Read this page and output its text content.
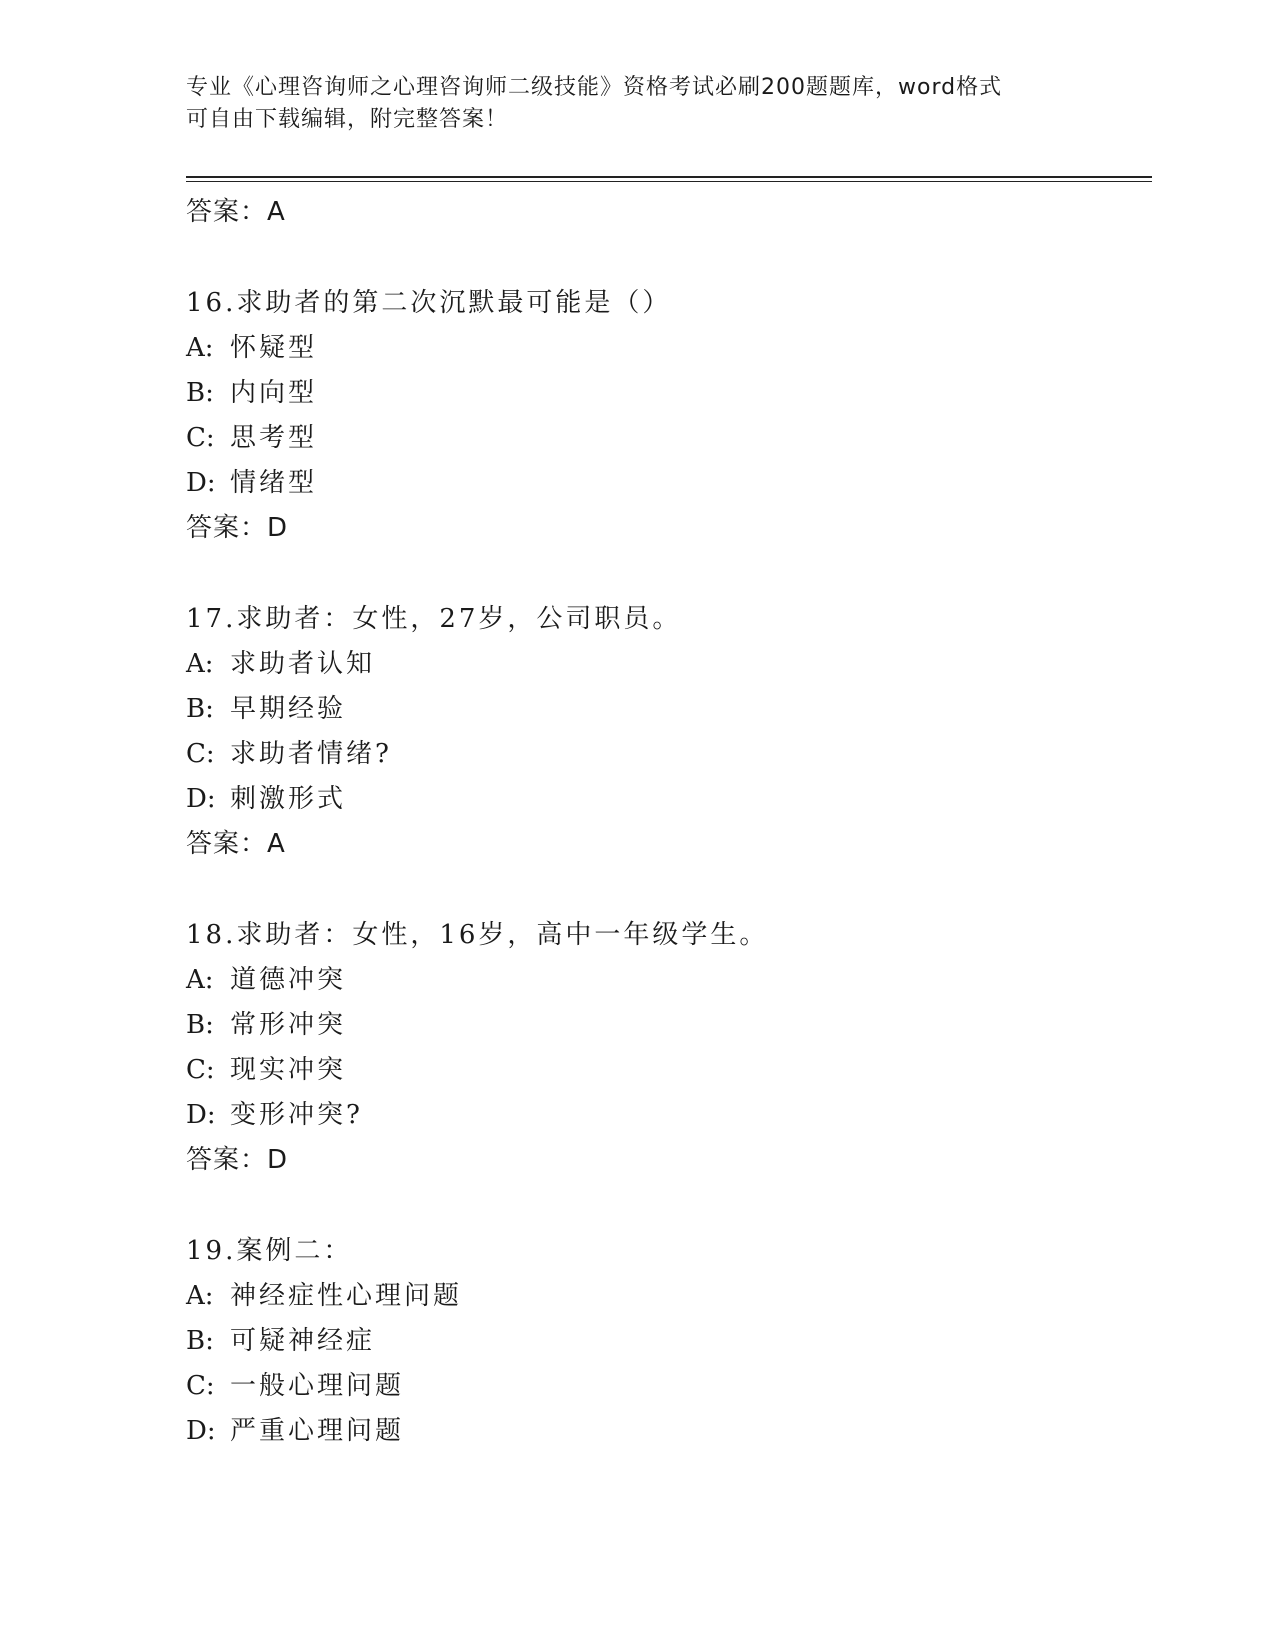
专业《心理咨询师之心理咨询师二级技能》资格考试必刷200题题库，word格式
可自由下载编辑，附完整答案！
答案：A
16.求助者的第二次沉默最可能是（）
A: 怀疑型
B: 内向型
C: 思考型
D: 情绪型
答案：D
17.求助者：女性，27岁，公司职员。
A: 求助者认知
B: 早期经验
C: 求助者情绪?
D: 刺激形式
答案：A
18.求助者：女性，16岁，高中一年级学生。
A: 道德冲突
B: 常形冲突
C: 现实冲突
D: 变形冲突?
答案：D
19.案例二：
A: 神经症性心理问题
B: 可疑神经症
C: 一般心理问题
D: 严重心理问题
